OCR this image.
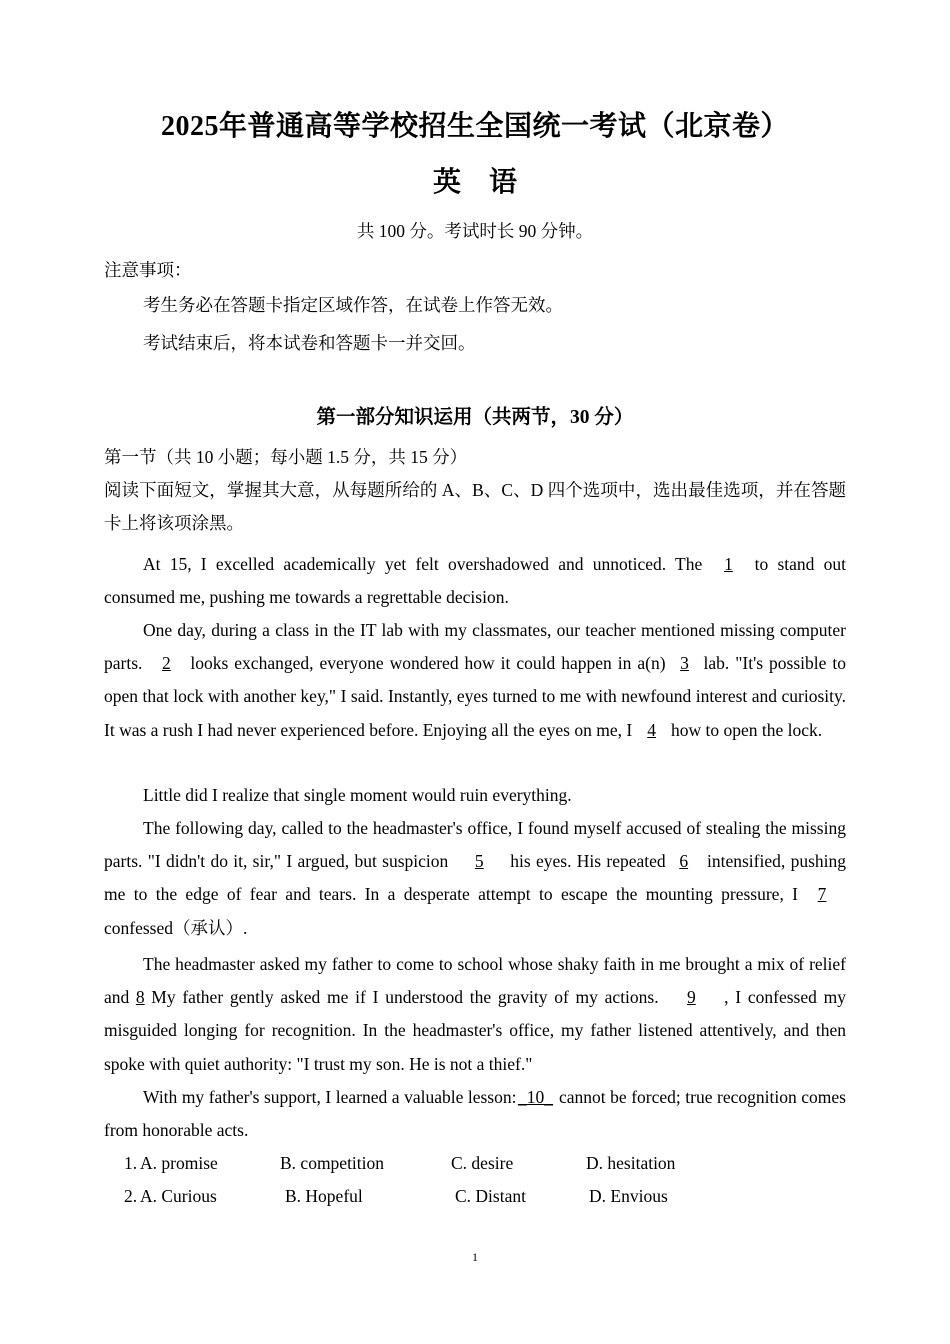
2025年普通高等学校招生全国统一考试（北京卷）
英语
共 100 分。考试时长 90 分钟。
注意事项：
考生务必在答题卡指定区域作答，在试卷上作答无效。
考试结束后，将本试卷和答题卡一并交回。
第一部分知识运用（共两节，30 分）
第一节（共 10 小题；每小题 1.5 分，共 15 分）
阅读下面短文，掌握其大意，从每题所给的 A、B、C、D 四个选项中，选出最佳选项，并在答题卡上将该项涂黑。
At 15, I excelled academically yet felt overshadowed and unnoticed. The 1 to stand out consumed me, pushing me towards a regrettable decision.
One day, during a class in the IT lab with my classmates, our teacher mentioned missing computer parts. 2 looks exchanged, everyone wondered how it could happen in a(n) 3 lab. "It's possible to open that lock with another key," I said. Instantly, eyes turned to me with newfound interest and curiosity. It was a rush I had never experienced before. Enjoying all the eyes on me, I 4 how to open the lock.
Little did I realize that single moment would ruin everything.
The following day, called to the headmaster's office, I found myself accused of stealing the missing parts. "I didn't do it, sir," I argued, but suspicion 5 his eyes. His repeated 6 intensified, pushing me to the edge of fear and tears. In a desperate attempt to escape the mounting pressure, I 7confessed（承认）.
The headmaster asked my father to come to school whose shaky faith in me brought a mix of relief and 8My father gently asked me if I understood the gravity of my actions. 9 , I confessed my misguided longing for recognition. In the headmaster's office, my father listened attentively, and then spoke with quiet authority: "I trust my son. He is not a thief."
With my father's support, I learned a valuable lesson:_10_ cannot be forced; true recognition comes from honorable acts.
1. A. promise	B. competition	C. desire	D. hesitation
2. A. Curious	B. Hopeful	C. Distant	D. Envious
1
